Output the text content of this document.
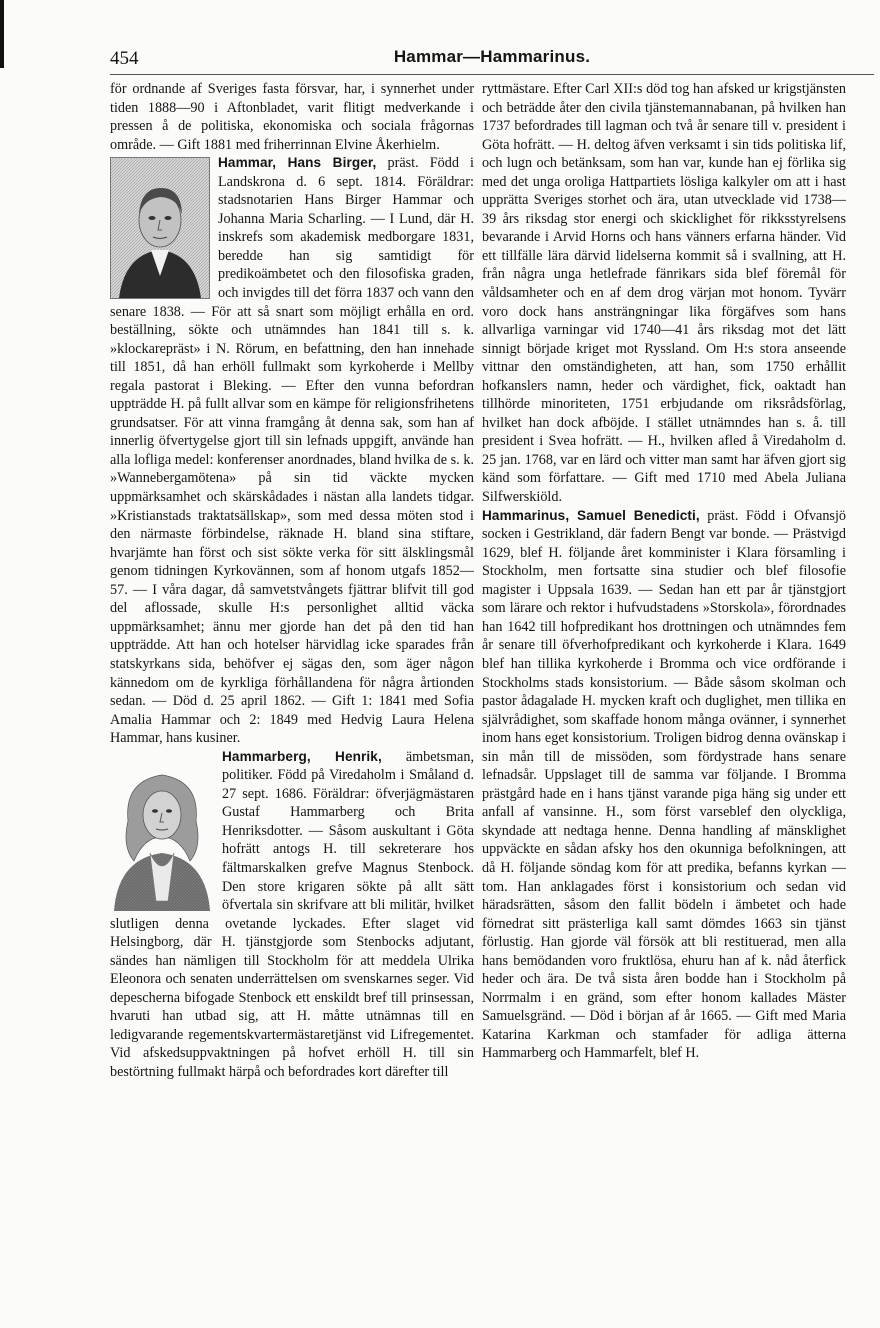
454	Hammar—Hammarinus.

för ordnande af Sveriges fasta försvar, har, i synnerhet under tiden 1888—90 i Aftonbladet, varit flitigt medverkande i pressen å de politiska, ekonomiska och sociala frågornas område. — Gift 1881 med friherrinnan Elvine Åkerhielm.

Hammar, Hans Birger, präst. Född i Landskrona d. 6 sept. 1814. Föräldrar: stadsnotarien Hans Birger Hammar och Johanna Maria Scharling. — I Lund, där H. inskrefs som akademisk medborgare 1831, beredde han sig samtidigt för predikoämbetet och den filosofiska graden, och invigdes till det förra 1837 och vann den senare 1838. — För att så snart som möjligt erhålla en ord. beställning, sökte och utnämndes han 1841 till s. k. »klockarepräst» i N. Rörum, en befattning, den han innehade till 1851, då han erhöll fullmakt som kyrkoherde i Mellby regala pastorat i Bleking. — Efter den vunna befordran uppträdde H. på fullt allvar som en kämpe för religionsfrihetens grundsatser. För att vinna framgång åt denna sak, som han af innerlig öfvertygelse gjort till sin lefnads uppgift, använde han alla lofliga medel: konferenser anordnades, bland hvilka de s. k. »Wannebergamötena» på sin tid väckte mycken uppmärksamhet och skärskådades i nästan alla landets tidgar. »Kristianstads traktatsällskap», som med dessa möten stod i den närmaste förbindelse, räknade H. bland sina stiftare, hvarjämte han först och sist sökte verka för sitt älsklingsmål genom tidningen Kyrkovännen, som af honom utgafs 1852—57. — I våra dagar, då samvetstvångets fjättrar blifvit till god del aflossade, skulle H:s personlighet alltid väcka uppmärksamhet; ännu mer gjorde han det på den tid han uppträdde. Att han och hotelser härvidlag icke sparades från statskyrkans sida, behöfver ej sägas den, som äger någon kännedom om de kyrkliga förhållandena för några årtionden sedan. — Död d. 25 april 1862. — Gift 1: 1841 med Sofia Amalia Hammar och 2: 1849 med Hedvig Laura Helena Hammar, hans kusiner.

Hammarberg, Henrik, ämbetsman, politiker. Född på Viredaholm i Småland d. 27 sept. 1686. Föräldrar: öfverjägmästaren Gustaf Hammarberg och Brita Henriksdotter. — Såsom auskultant i Göta hofrätt antogs H. till sekreterare hos fältmarskalken grefve Magnus Stenbock. Den store krigaren sökte på allt sätt öfvertala sin skrifvare att bli militär, hvilket slutligen denna ovetande lyckades. Efter slaget vid Helsingborg, där H. tjänstgjorde som Stenbocks adjutant, sändes han nämligen till Stockholm för att meddela Ulrika Eleonora och senaten underrättelsen om svenskarnes seger. Vid depescherna bifogade Stenbock ett enskildt bref till prinsessan, hvaruti han utbad sig, att H. måtte utnämnas till en ledigvarande regementskvartermästaretjänst vid Lifregementet. Vid afskedsuppvaktningen på hofvet erhöll H. till sin bestörtning fullmakt härpå och befordrades kort därefter till

ryttmästare. Efter Carl XII:s död tog han afsked ur krigstjänsten och beträdde åter den civila tjänstemannabanan, på hvilken han 1737 befordrades till lagman och två år senare till v. president i Göta hofrätt. — H. deltog äfven verksamt i sin tids politiska lif, och lugn och betänksam, som han var, kunde han ej förlika sig med det unga oroliga Hattpartiets lösliga kalkyler om att i hast upprätta Sveriges storhet och ära, utan utvecklade vid 1738—39 års riksdag stor energi och skicklighet för rikksstyrelsens bevarande i Arvid Horns och hans vänners erfarna händer. Vid ett tillfälle lära därvid lidelserna kommit så i svallning, att H. från några unga hetlefrade fänrikars sida blef föremål för våldsamheter och en af dem drog värjan mot honom. Tyvärr voro dock hans ansträngningar lika förgäfves som hans allvarliga varningar vid 1740—41 års riksdag mot det lätt sinnigt började kriget mot Ryssland. Om H:s stora anseende vittnar den omständigheten, att han, som 1750 erhållit hofkanslers namn, heder och värdighet, fick, oaktadt han tillhörde minoriteten, 1751 erbjudande om riksrådsförlag, hvilket han dock afböjde. I stället utnämndes han s. å. till president i Svea hofrätt. — H., hvilken afled å Viredaholm d. 25 jan. 1768, var en lärd och vitter man samt har äfven gjort sig känd som författare. — Gift med 1710 med Abela Juliana Silfwerskiöld.

Hammarinus, Samuel Benedicti, präst. Född i Ofvansjö socken i Gestrikland, där fadern Bengt var bonde. — Prästvigd 1629, blef H. följande året komminister i Klara församling i Stockholm, men fortsatte sina studier och blef filosofie magister i Uppsala 1639. — Sedan han ett par år tjänstgjort som lärare och rektor i hufvudstadens »Storskola», förordnades han 1642 till hofpredikant hos drottningen och utnämndes fem år senare till öfverhofpredikant och kyrkoherde i Klara. 1649 blef han tillika kyrkoherde i Bromma och vice ordförande i Stockholms stads konsistorium. — Både såsom skolman och pastor ådagalade H. mycken kraft och duglighet, men tillika en självrådighet, som skaffade honom många ovänner, i synnerhet inom hans eget konsistorium. Troligen bidrog denna ovänskap i sin mån till de missöden, som fördystrade hans senare lefnadsår. Uppslaget till de samma var följande. I Bromma prästgård hade en i hans tjänst varande piga häng sig under ett anfall af vansinne. H., som först varseblef den olyckliga, skyndade att nedtaga henne. Denna handling af mänsklighet uppväckte en sådan afsky hos den okunniga befolkningen, att då H. följande söndag kom för att predika, befanns kyrkan — tom. Han anklagades först i konsistorium och sedan vid häradsrätten, såsom den fallit bödeln i ämbetet och hade förnedrat sitt prästerliga kall samt dömdes 1663 sin tjänst förlustig. Han gjorde väl försök att bli restituerad, men alla hans bemödanden voro fruktlösa, ehuru han af k. nåd återfick heder och ära. De två sista åren bodde han i Stockholm på Norrmalm i en gränd, som efter honom kallades Mäster Samuelsgränd. — Död i början af år 1665. — Gift med Maria Katarina Karkman och stamfader för adliga ätterna Hammarberg och Hammarfelt, blef H.
